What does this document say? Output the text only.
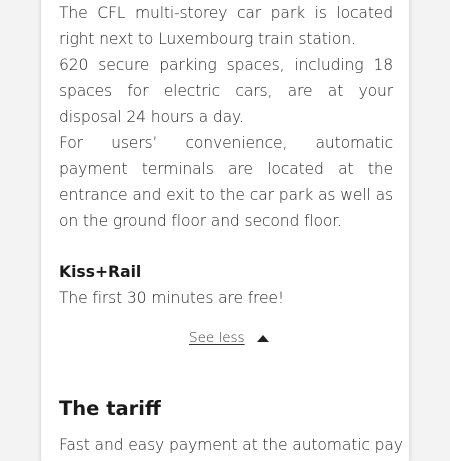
The CFL multi-storey car park is located right next to Luxembourg train station.

620 secure parking spaces, including 18 spaces for electric cars, are at your disposal 24 hours a day.

For users’ convenience, automatic payment terminals are located at the entrance and exit to the car park as well as on the ground floor and second floor.

Kiss+Rail

The first 30 minutes are free!

See less
The tariff

Fast and easy payment at the automatic pay
